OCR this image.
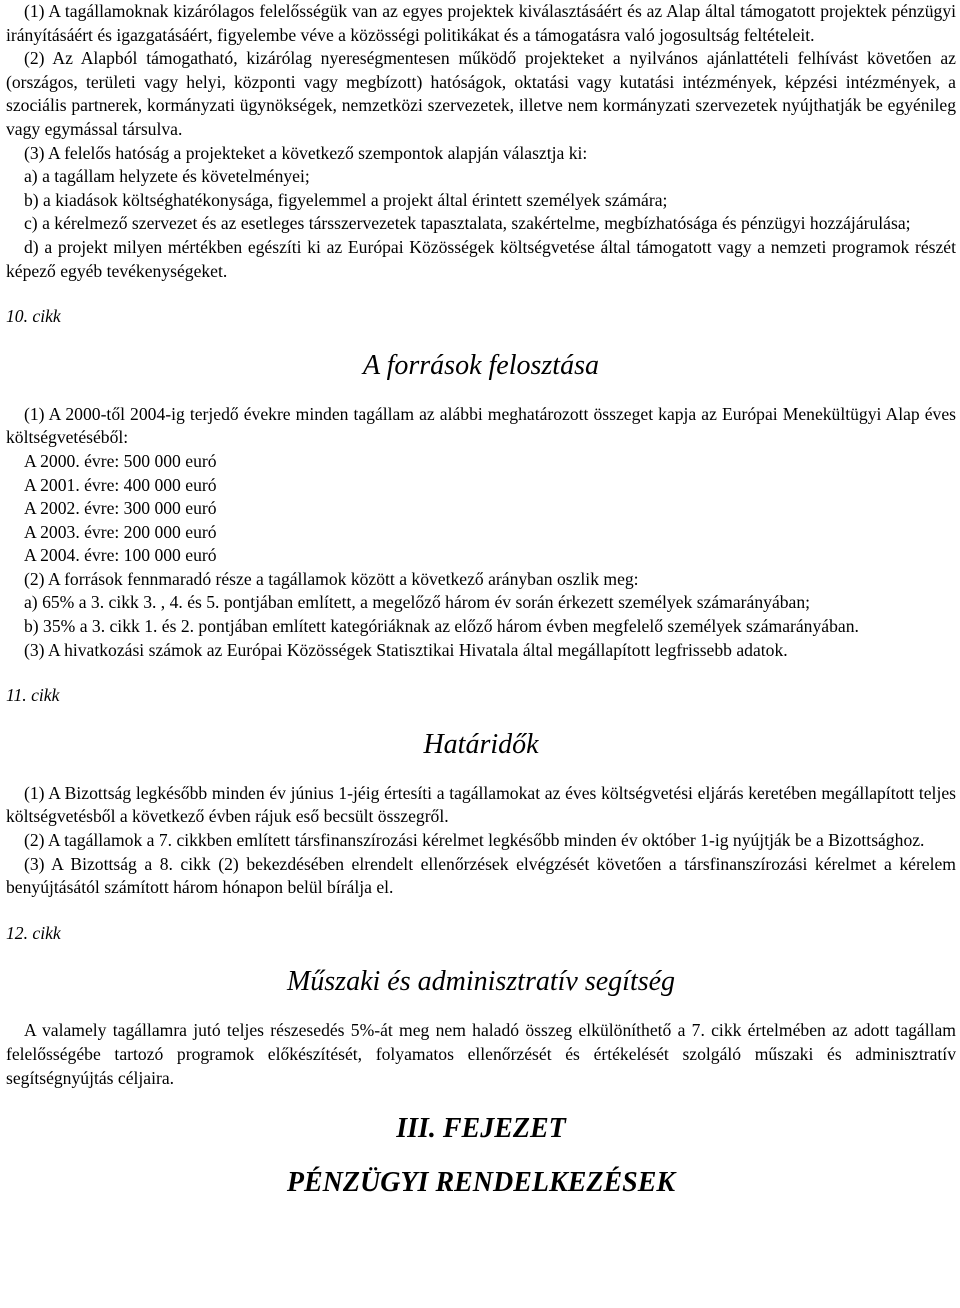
(1) A tagállamoknak kizárólagos felelősségük van az egyes projektek kiválasztásáért és az Alap által támogatott projektek pénzügyi irányításáért és igazgatásáért, figyelembe véve a közösségi politikákat és a támogatásra való jogosultság feltételeit.

(2) Az Alapból támogatható, kizárólag nyereségmentesen működő projekteket a nyilvános ajánlattételi felhívást követően az (országos, területi vagy helyi, központi vagy megbízott) hatóságok, oktatási vagy kutatási intézmények, képzési intézmények, a szociális partnerek, kormányzati ügynökségek, nemzetközi szervezetek, illetve nem kormányzati szervezetek nyújthatják be egyénileg vagy egymással társulva.

(3) A felelős hatóság a projekteket a következő szempontok alapján választja ki:

a) a tagállam helyzete és követelményei;

b) a kiadások költséghatékonysága, figyelemmel a projekt által érintett személyek számára;

c) a kérelmező szervezet és az esetleges társszervezetek tapasztalata, szakértelme, megbízhatósága és pénzügyi hozzájárulása;

d) a projekt milyen mértékben egészíti ki az Európai Közösségek költségvetése által támogatott vagy a nemzeti programok részét képező egyéb tevékenységeket.

10. cikk

A források felosztása

(1) A 2000-től 2004-ig terjedő évekre minden tagállam az alábbi meghatározott összeget kapja az Európai Menekültügyi Alap éves költségvetéséből:

A 2000. évre: 500 000 euró

A 2001. évre: 400 000 euró

A 2002. évre: 300 000 euró

A 2003. évre: 200 000 euró

A 2004. évre: 100 000 euró

(2) A források fennmaradó része a tagállamok között a következő arányban oszlik meg:

a) 65% a 3. cikk 3. , 4. és 5. pontjában említett, a megelőző három év során érkezett személyek számarányában;

b) 35% a 3. cikk 1. és 2. pontjában említett kategóriáknak az előző három évben megfelelő személyek számarányában.

(3) A hivatkozási számok az Európai Közösségek Statisztikai Hivatala által megállapított legfrissebb adatok.

11. cikk

Határidők

(1) A Bizottság legkésőbb minden év június 1-jéig értesíti a tagállamokat az éves költségvetési eljárás keretében megállapított teljes költségvetésből a következő évben rájuk eső becsült összegről.

(2) A tagállamok a 7. cikkben említett társfinanszírozási kérelmet legkésőbb minden év október 1-ig nyújtják be a Bizottsághoz.

(3) A Bizottság a 8. cikk (2) bekezdésében elrendelt ellenőrzések elvégzését követően a társfinanszírozási kérelmet a kérelem benyújtásától számított három hónapon belül bírálja el.

12. cikk

Műszaki és adminisztratív segítség

A valamely tagállamra jutó teljes részesedés 5%-át meg nem haladó összeg elkülöníthető a 7. cikk értelmében az adott tagállam felelősségébe tartozó programok előkészítését, folyamatos ellenőrzését és értékelését szolgáló műszaki és adminisztratív segítségnyújtás céljaira.

III. FEJEZET
PÉNZÜGYI RENDELKEZÉSEK
